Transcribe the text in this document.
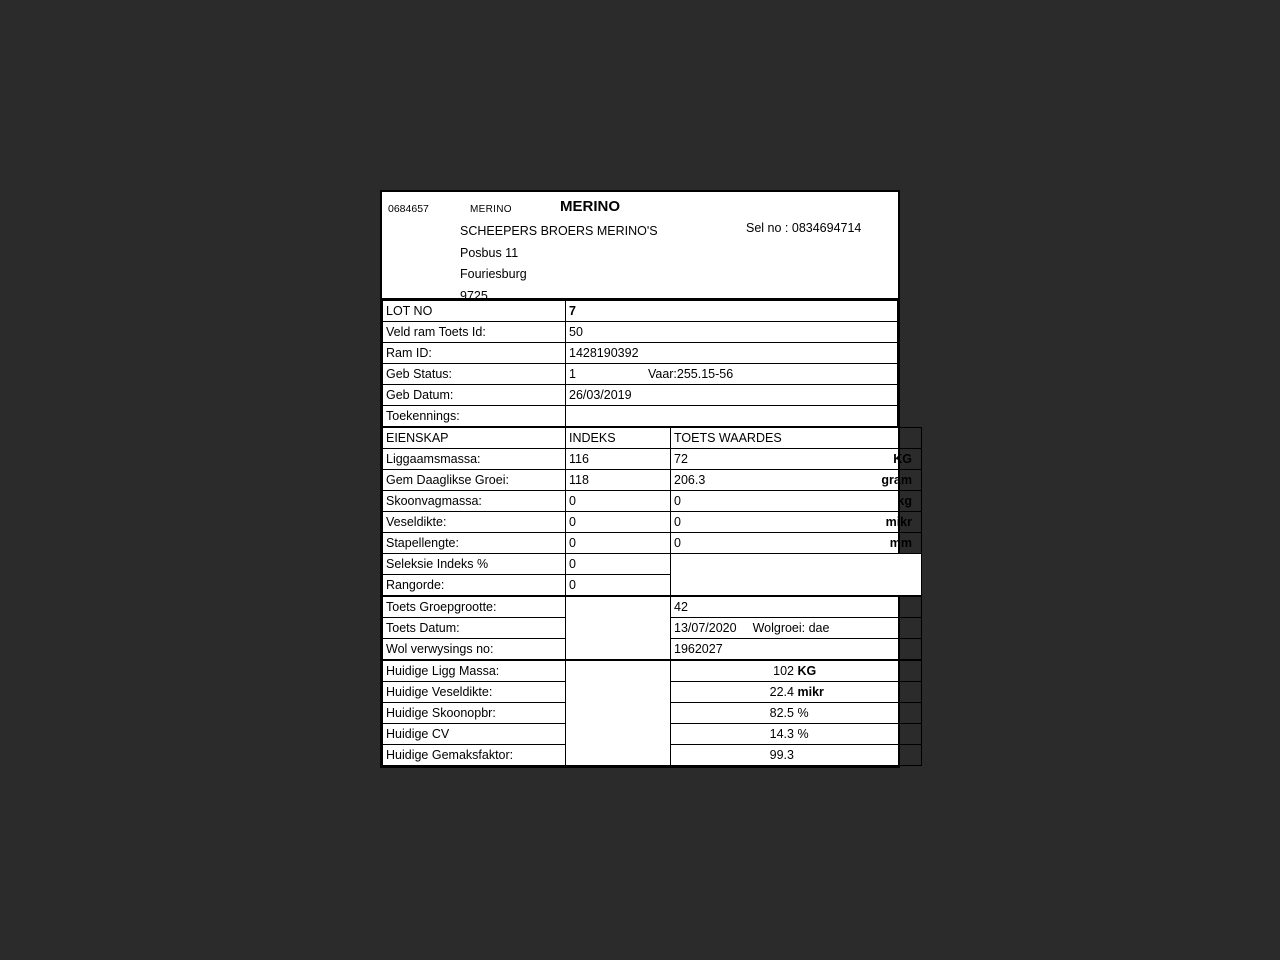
0684657	MERINO	MERINO
SCHEEPERS BROERS MERINO'S
Posbus 11
Fouriesburg
9725
Sel no : 0834694714
LOT NO	7
Veld ram Toets Id:	50
Ram ID:	1428190392
Geb Status:	1 Vaar:255.15-56
Geb Datum:	26/03/2019
Toekennings:	
EIENSKAP	INDEKS	TOETS WAARDES
Liggaamsmassa:	116	72 KG

Gem Daaglikse Groei:	118	206.3 gram

Skoonvagmassa:	0	0 kg

Veseldikte:	0	0 mikr

Stapellengte:	0	0 mm

Seleksie Indeks %	0	
Rangorde:	0	
Toets Groepgrootte:		42
Toets Datum:		13/07/2020 Wolgroei: dae
Wol verwysings no:		1962027
Huidige Ligg Massa:		102 KG
Huidige Veseldikte:		22.4 mikr
Huidige Skoonopbr:		82.5 %
Huidige CV		14.3 %
Huidige Gemaksfaktor:		99.3
